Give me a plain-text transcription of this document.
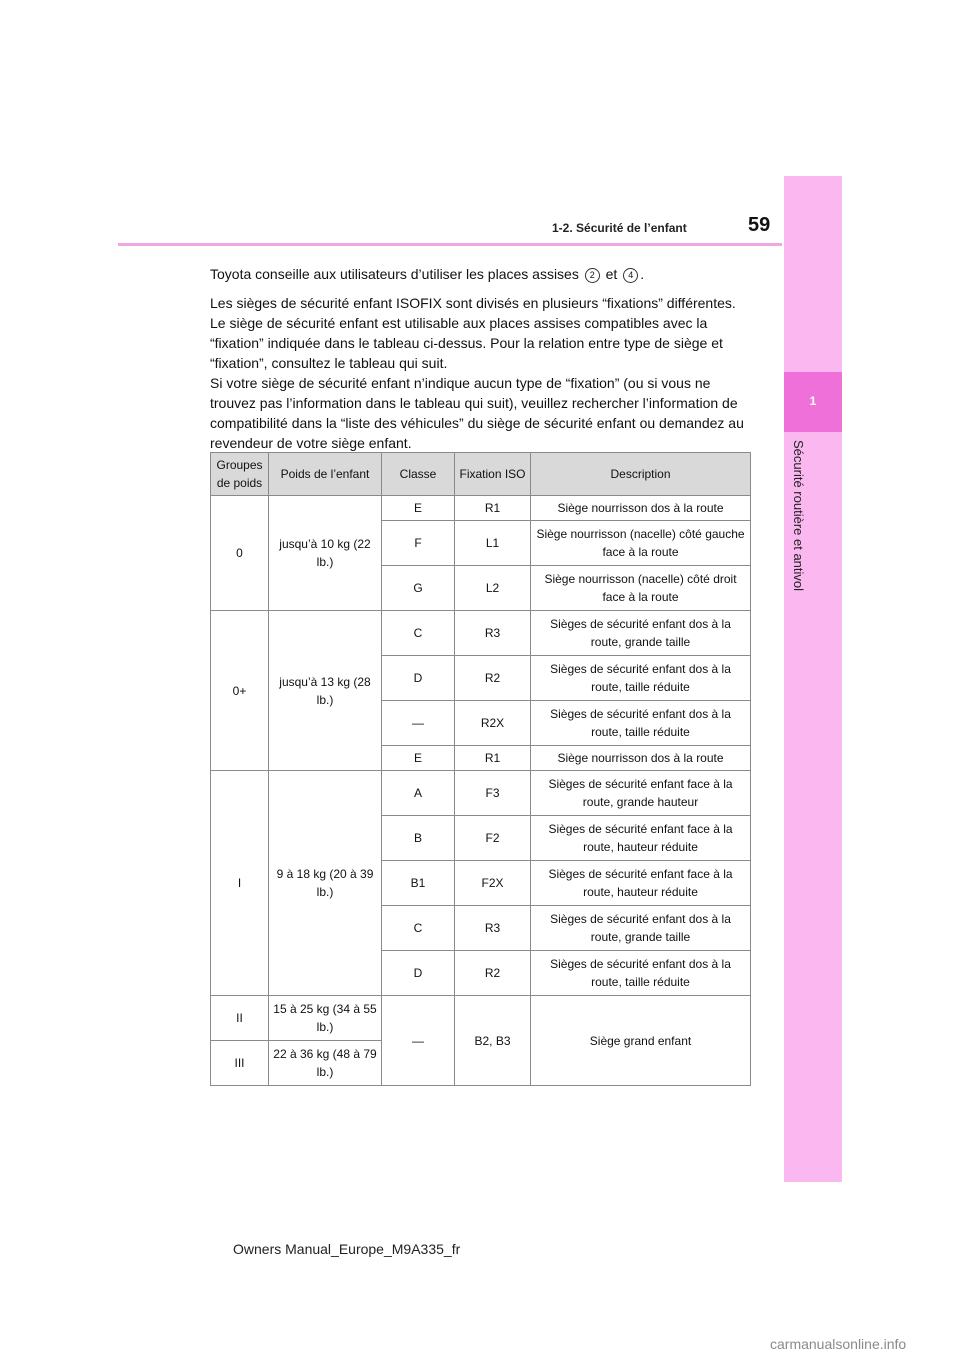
1-2. Sécurité de l’enfant	59
1
Sécurité routière et antivol

Toyota conseille aux utilisateurs d’utiliser les places assises 2 et 4 .

Les sièges de sécurité enfant ISOFIX sont divisés en plusieurs “fixations” différentes. Le siège de sécurité enfant est utilisable aux places assises compatibles avec la “fixation” indiquée dans le tableau ci-dessus. Pour la relation entre type de siège et “fixation”, consultez le tableau qui suit.
Si votre siège de sécurité enfant n’indique aucun type de “fixation” (ou si vous ne trouvez pas l’information dans le tableau qui suit), veuillez rechercher l’information de compatibilité dans la “liste des véhicules” du siège de sécurité enfant ou demandez au revendeur de votre siège enfant.

Groupes de poids	Poids de l’enfant	Classe	Fixation ISO	Description
0	jusqu’à 10 kg (22 lb.)	E	R1	Siège nourrisson dos à la route
		F	L1	Siège nourrisson (nacelle) côté gauche face à la route
		G	L2	Siège nourrisson (nacelle) côté droit face à la route
0+	jusqu’à 13 kg (28 lb.)	C	R3	Sièges de sécurité enfant dos à la route, grande taille
		D	R2	Sièges de sécurité enfant dos à la route, taille réduite
		—	R2X	Sièges de sécurité enfant dos à la route, taille réduite
		E	R1	Siège nourrisson dos à la route
I	9 à 18 kg (20 à 39 lb.)	A	F3	Sièges de sécurité enfant face à la route, grande hauteur
		B	F2	Sièges de sécurité enfant face à la route, hauteur réduite
		B1	F2X	Sièges de sécurité enfant face à la route, hauteur réduite
		C	R3	Sièges de sécurité enfant dos à la route, grande taille
		D	R2	Sièges de sécurité enfant dos à la route, taille réduite
II	15 à 25 kg (34 à 55 lb.)	—	B2, B3	Siège grand enfant
III	22 à 36 kg (48 à 79 lb.)			
Owners Manual_Europe_M9A335_fr
carmanualsonline.info
